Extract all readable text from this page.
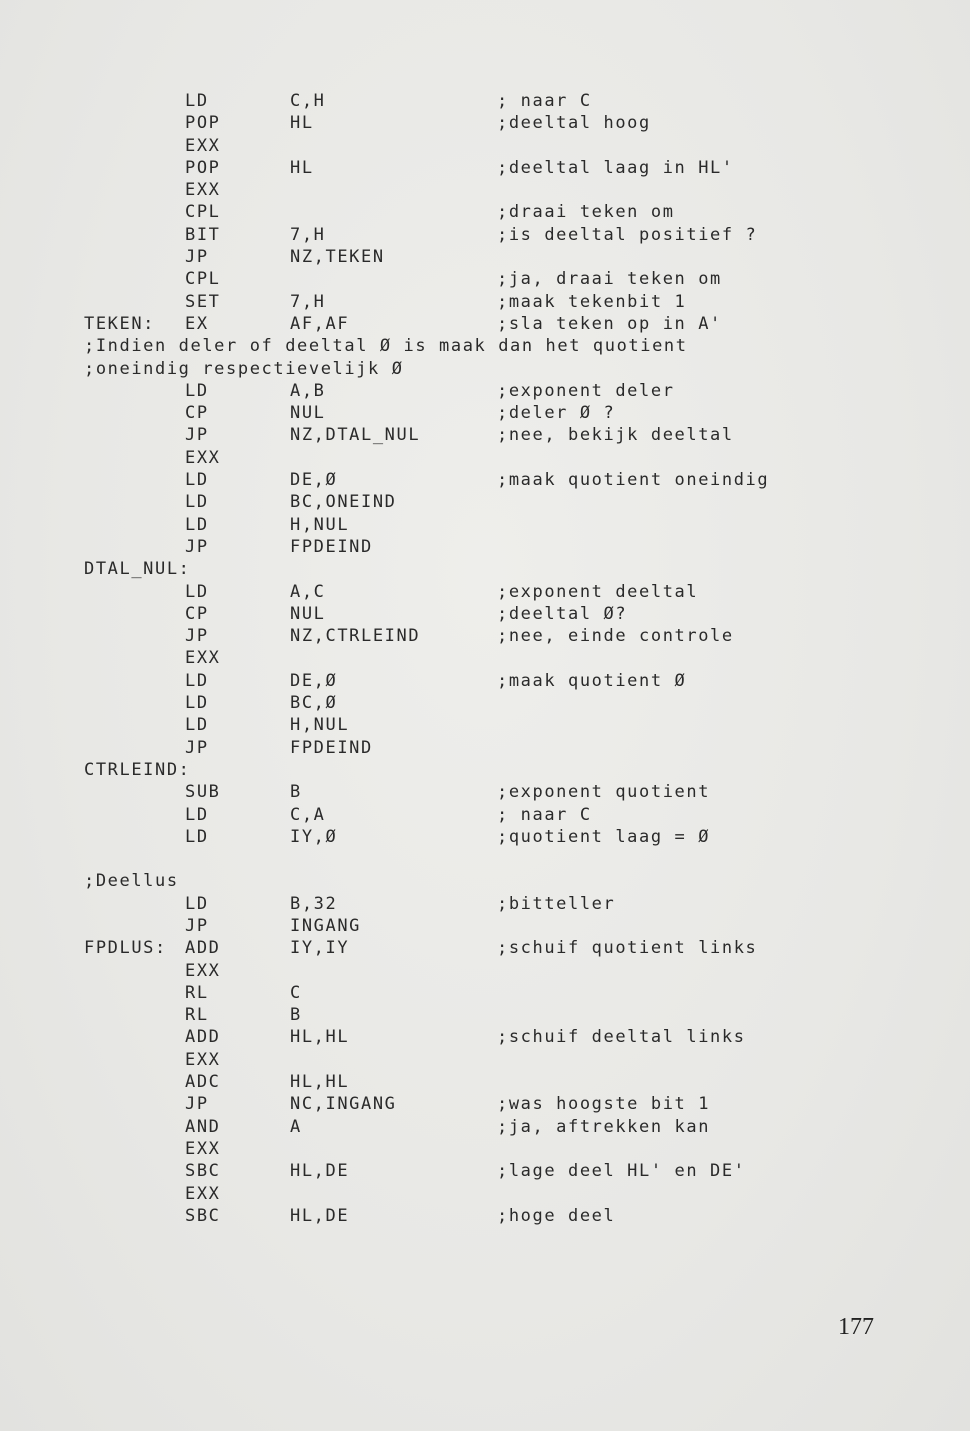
LD	C,H	; naar C
POP	HL	;deeltal hoog
EXX
POP	HL	;deeltal laag in HL'
EXX
CPL	;draai teken om
BIT	7,H	;is deeltal positief ?
JP	NZ,TEKEN
CPL	;ja, draai teken om
SET	7,H	;maak tekenbit 1
TEKEN: EX	AF,AF	;sla teken op in A'
;Indien deler of deeltal Ø is maak dan het quotient
;oneindig respectievelijk Ø
LD	A,B	;exponent deler
CP	NUL	;deler Ø ?
JP	NZ,DTAL_NUL	;nee, bekijk deeltal
EXX
LD	DE,Ø	;maak quotient oneindig
LD	BC,ONEIND
LD	H,NUL
JP	FPDEIND
DTAL_NUL:
LD	A,C	;exponent deeltal
CP	NUL	;deeltal Ø?
JP	NZ,CTRLEIND	;nee, einde controle
EXX
LD	DE,Ø	;maak quotient Ø
LD	BC,Ø
LD	H,NUL
JP	FPDEIND
CTRLEIND:
SUB	B	;exponent quotient
LD	C,A	; naar C
LD	IY,Ø	;quotient laag = Ø
;Deellus
LD	B,32	;bitteller
JP	INGANG
FPDLUS: ADD	IY,IY	;schuif quotient links
EXX
RL	C
RL	B
ADD	HL,HL	;schuif deeltal links
EXX
ADC	HL,HL
JP	NC,INGANG	;was hoogste bit 1
AND	A	;ja, aftrekken kan
EXX
SBC	HL,DE	;lage deel HL' en DE'
EXX
SBC	HL,DE	;hoge deel
177
